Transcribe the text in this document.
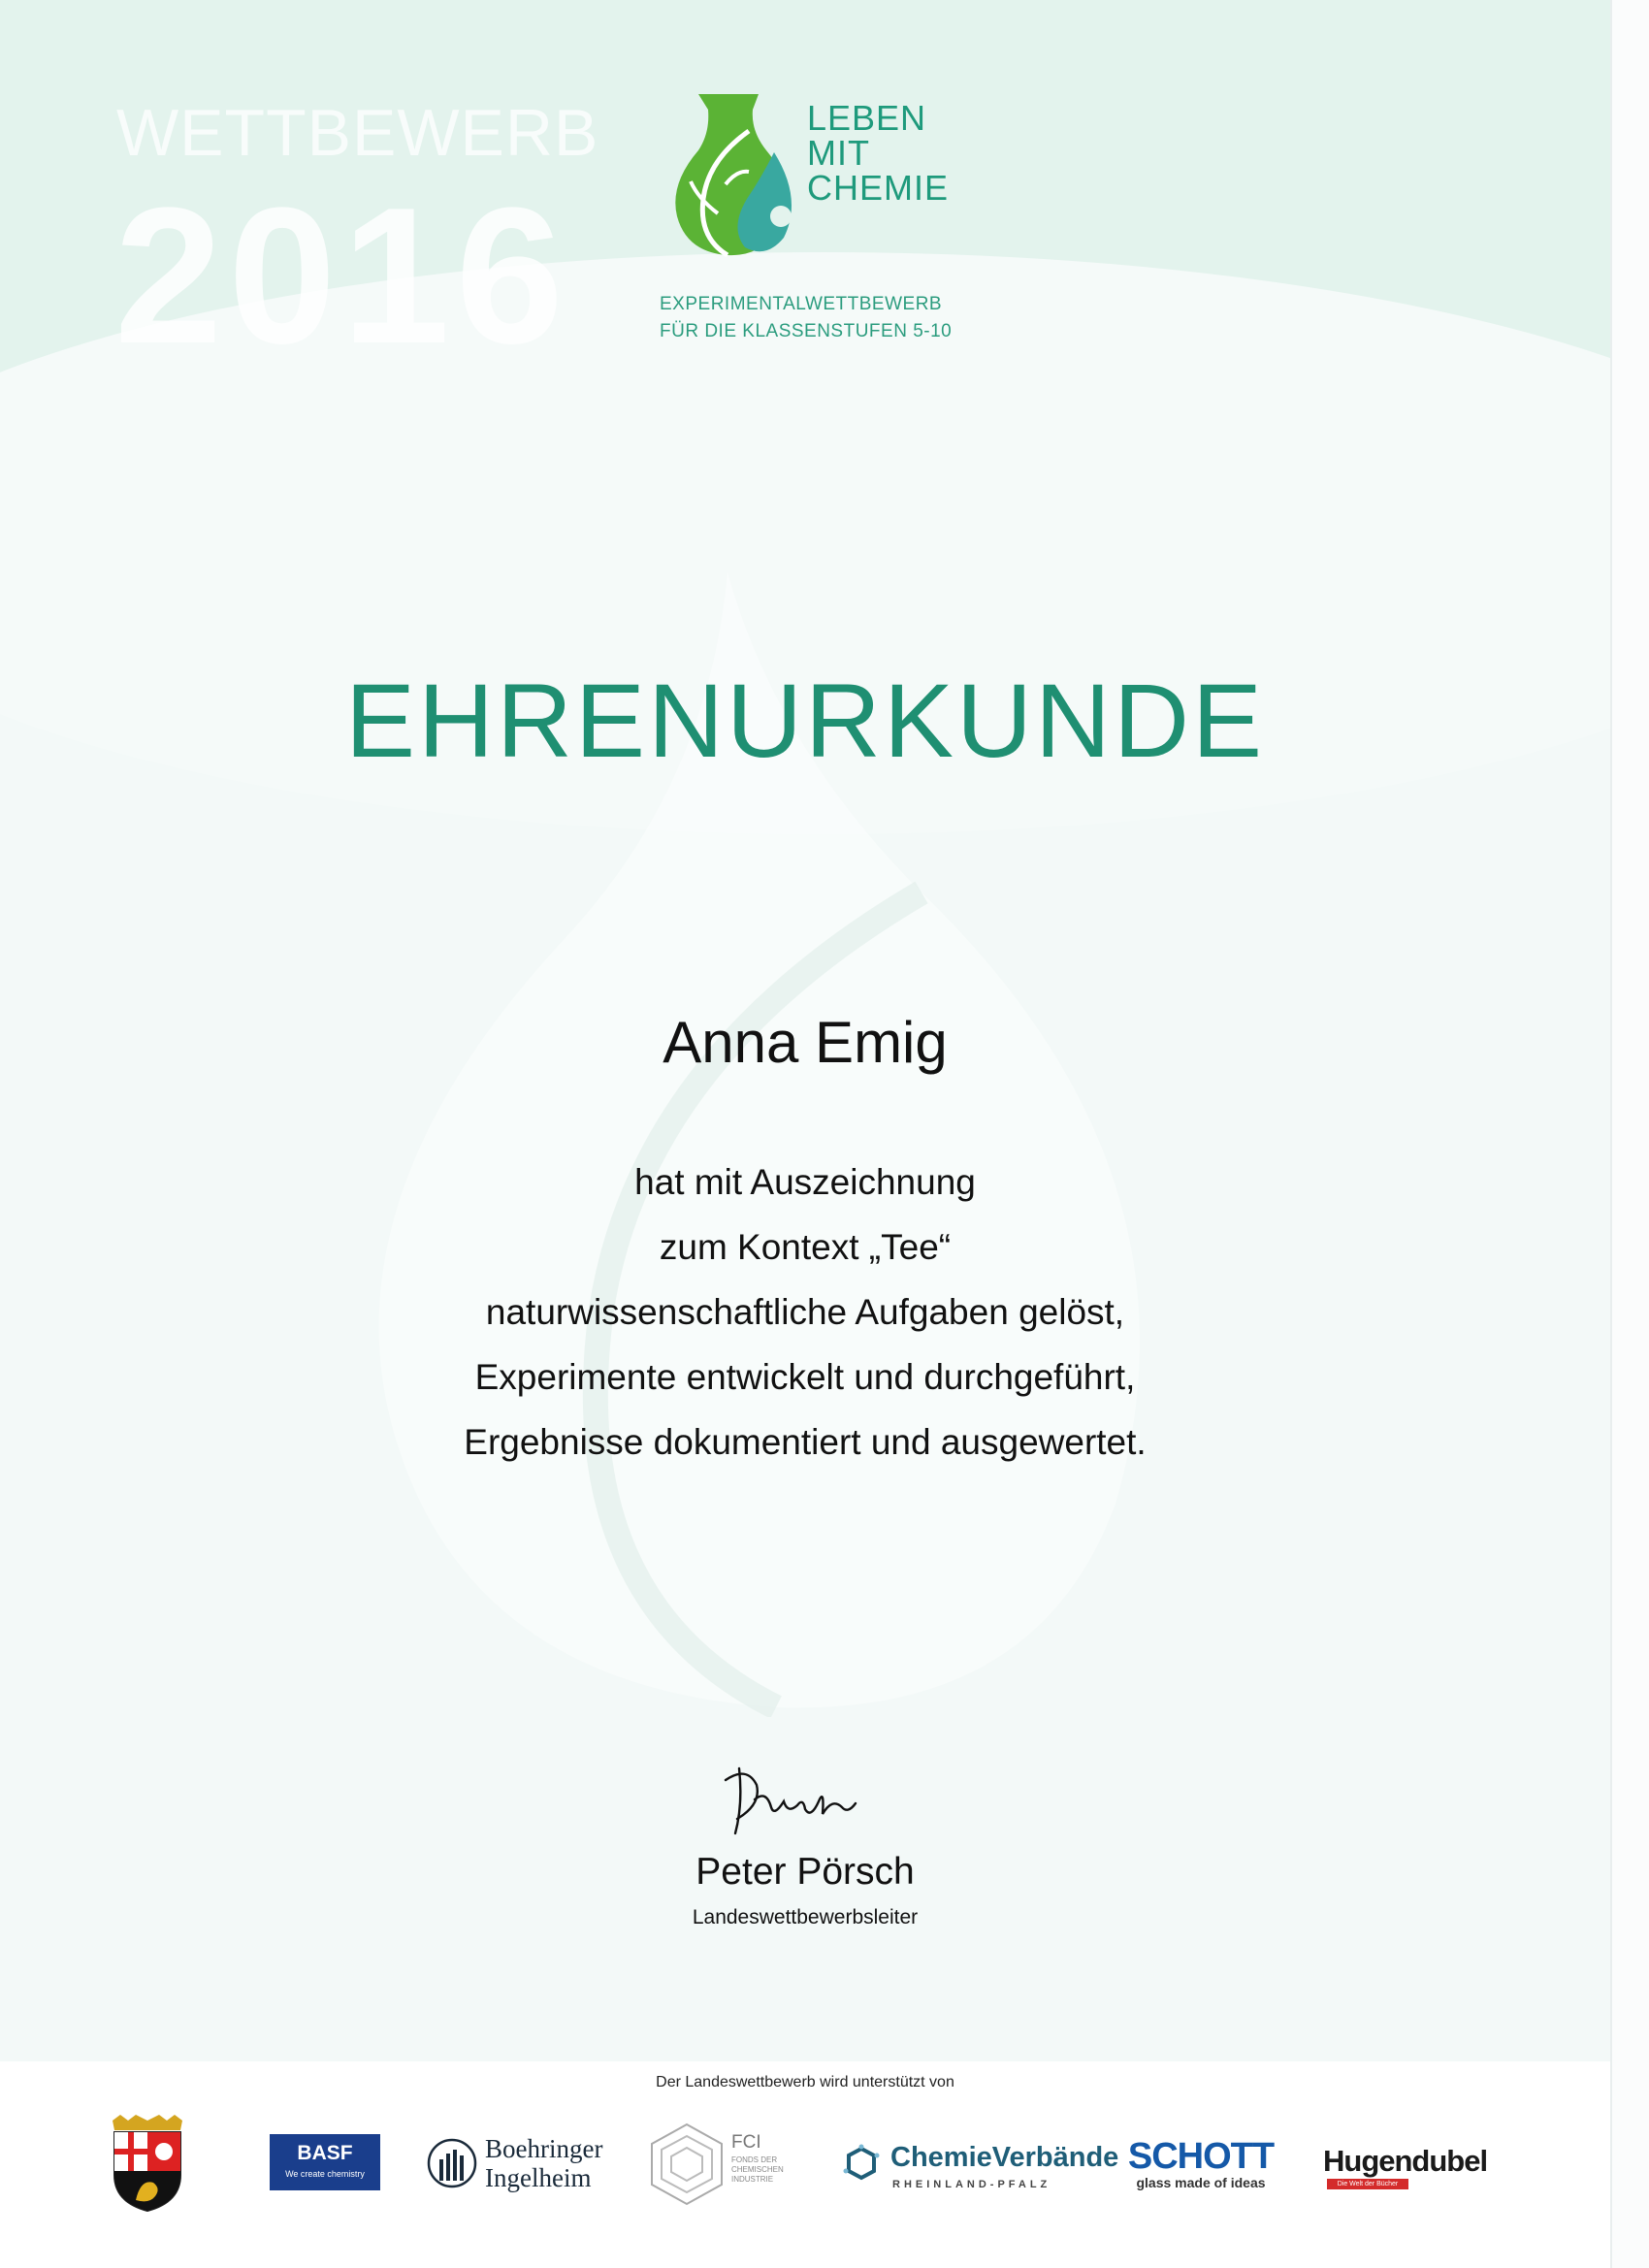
WETTBEWERB
2016
LEBEN
MIT
CHEMIE
EXPERIMENTALWETTBEWERB
FÜR DIE KLASSENSTUFEN 5-10
EHRENURKUNDE
Anna Emig
hat mit Auszeichnung
zum Kontext „Tee“
naturwissenschaftliche Aufgaben gelöst,
Experimente entwickelt und durchgeführt,
Ergebnisse dokumentiert und ausgewertet.
Peter Pörsch
Landeswettbewerbsleiter
Der Landeswettbewerb wird unterstützt von
BASF
We create chemistry
Boehringer
Ingelheim
FCI
FONDS DER
CHEMISCHEN
INDUSTRIE
ChemieVerbände
RHEINLAND-PFALZ
SCHOTT
glass made of ideas
Hugendubel
Die Welt der Bücher
